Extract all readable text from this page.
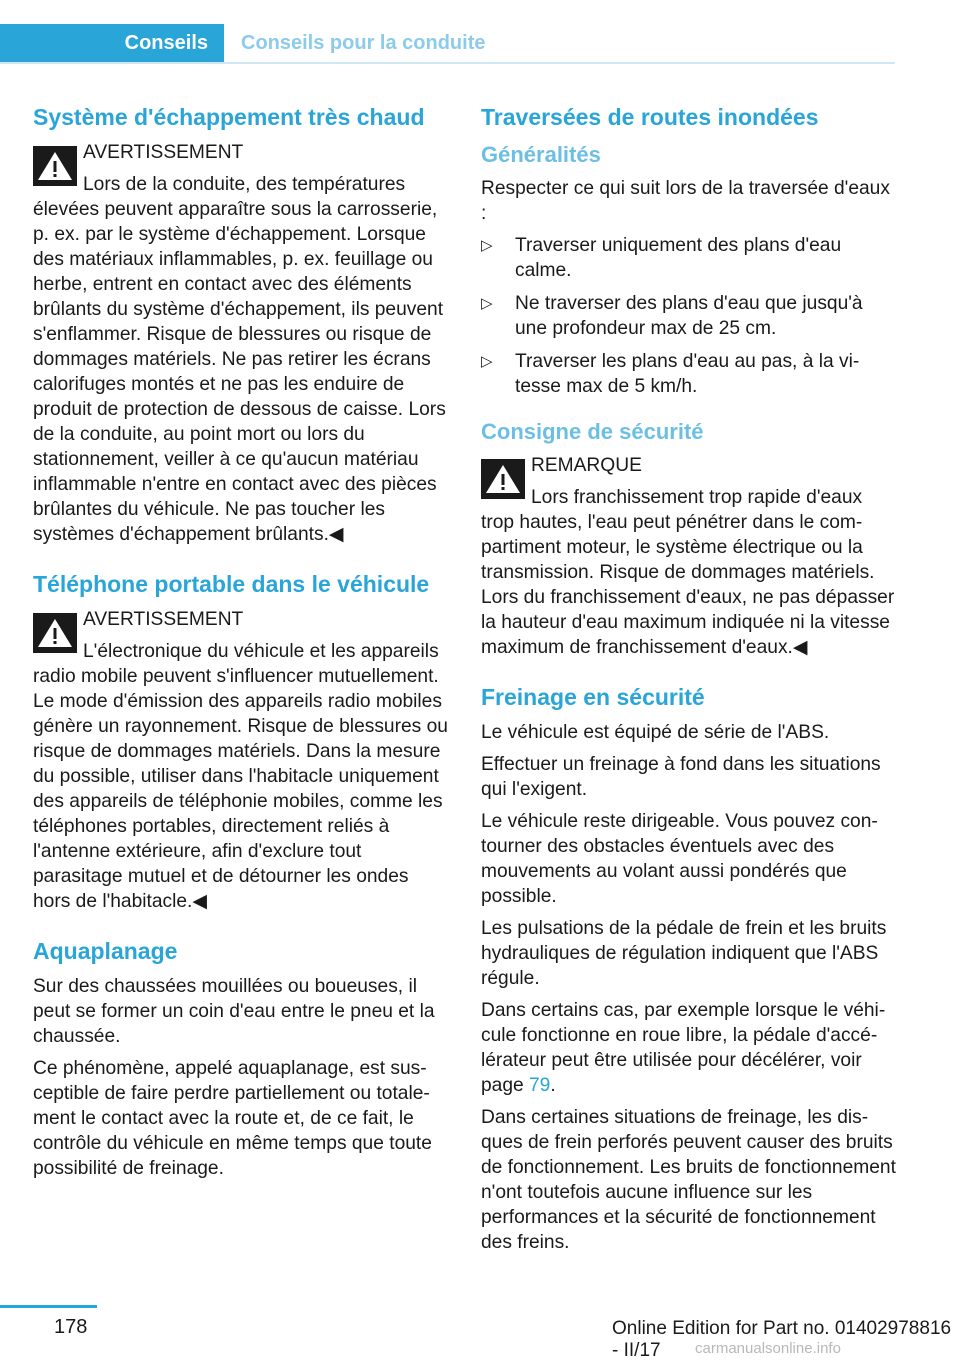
Conseils	Conseils pour la conduite
Système d'échappement très chaud
AVERTISSEMENT

Lors de la conduite, des températures élevées peuvent apparaître sous la carrosserie, p. ex. par le système d'échappement. Lorsque des matériaux inflammables, p. ex. feuillage ou herbe, entrent en contact avec des éléments brûlants du système d'échappement, ils peuvent s'enflammer. Risque de blessures ou risque de dommages matériels. Ne pas retirer les écrans calorifuges montés et ne pas les enduire de produit de protection de dessous de caisse. Lors de la conduite, au point mort ou lors du stationnement, veiller à ce qu'aucun matériau inflammable n'entre en contact avec des pièces brûlantes du véhicule. Ne pas toucher les systèmes d'échappement brûlants.◀

Téléphone portable dans le véhicule
AVERTISSEMENT

L'électronique du véhicule et les appareils radio mobile peuvent s'influencer mutuellement. Le mode d'émission des appareils radio mobiles génère un rayonnement. Risque de blessures ou risque de dommages matériels. Dans la mesure du possible, utiliser dans l'habitacle uniquement des appareils de téléphonie mobiles, comme les téléphones portables, directement reliés à l'antenne extérieure, afin d'exclure tout parasitage mutuel et de détourner les ondes hors de l'habitacle.◀

Aquaplanage

Sur des chaussées mouillées ou boueuses, il peut se former un coin d'eau entre le pneu et la chaussée.

Ce phénomène, appelé aquaplanage, est susceptible de faire perdre partiellement ou totalement le contact avec la route et, de ce fait, le contrôle du véhicule en même temps que toute possibilité de freinage.

Traversées de routes inondées
Généralités

Respecter ce qui suit lors de la traversée d'eaux :

▷ Traverser uniquement des plans d'eau calme.
▷ Ne traverser des plans d'eau que jusqu'à une profondeur max de 25 cm.
▷ Traverser les plans d'eau au pas, à la vitesse max de 5 km/h.
Consigne de sécurité
REMARQUE

Lors franchissement trop rapide d'eaux trop hautes, l'eau peut pénétrer dans le compartiment moteur, le système électrique ou la transmission. Risque de dommages matériels. Lors du franchissement d'eaux, ne pas dépasser la hauteur d'eau maximum indiquée ni la vitesse maximum de franchissement d'eaux.◀

Freinage en sécurité

Le véhicule est équipé de série de l'ABS.

Effectuer un freinage à fond dans les situations qui l'exigent.

Le véhicule reste dirigeable. Vous pouvez contourner des obstacles éventuels avec des mouvements au volant aussi pondérés que possible.

Les pulsations de la pédale de frein et les bruits hydrauliques de régulation indiquent que l'ABS régule.

Dans certains cas, par exemple lorsque le véhicule fonctionne en roue libre, la pédale d'accélérateur peut être utilisée pour décélérer, voir page 79.

Dans certaines situations de freinage, les disques de frein perforés peuvent causer des bruits de fonctionnement. Les bruits de fonctionnement n'ont toutefois aucune influence sur les performances et la sécurité de fonctionnement des freins.

178	Online Edition for Part no. 01402978816 - II/17	carmanualsonline.info
